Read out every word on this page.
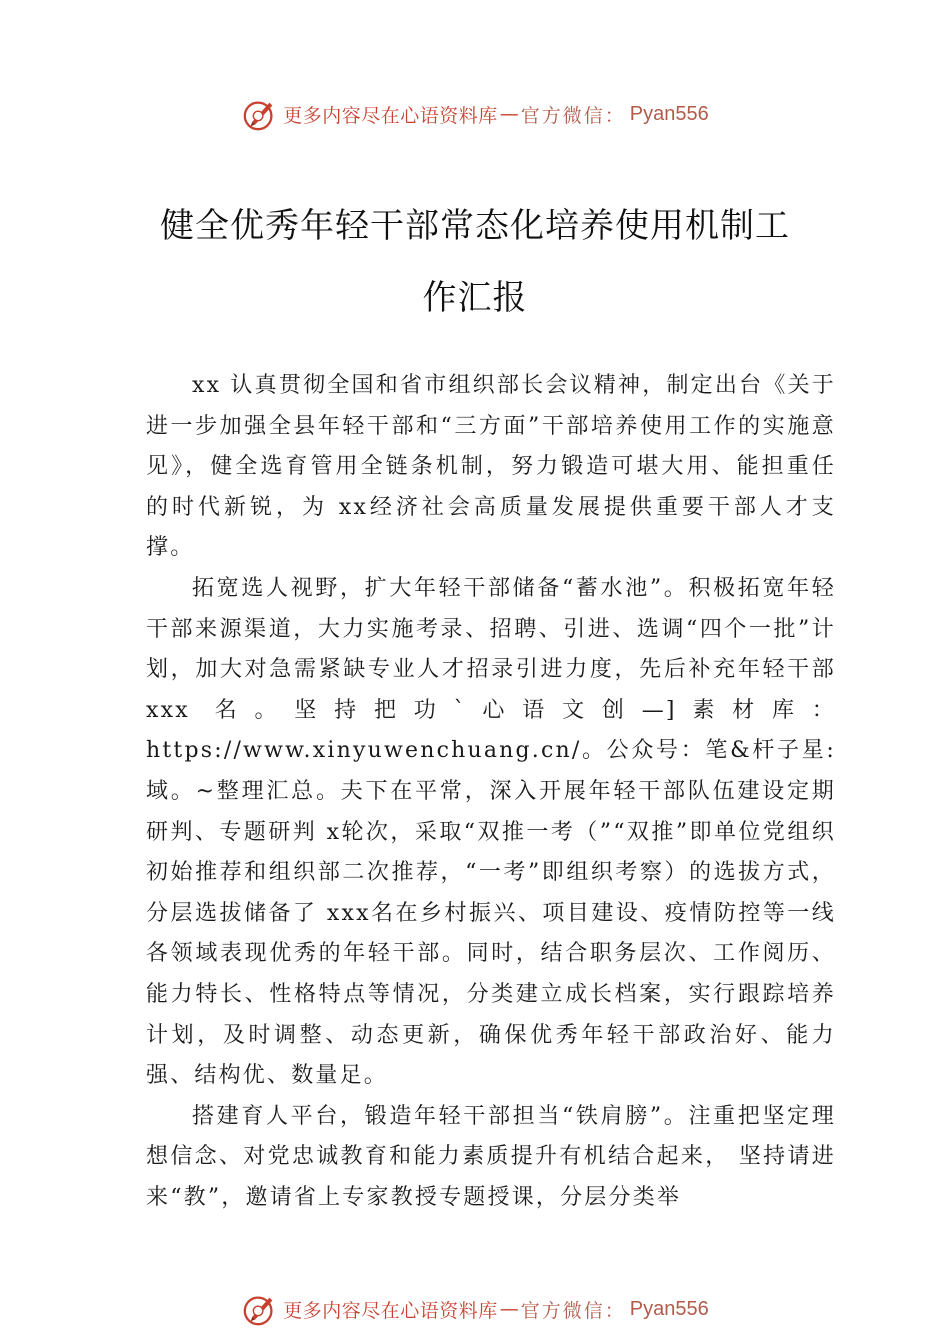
更多内容尽在心语资料库 — 官方微信： Pyan556
健全优秀年轻干部常态化培养使用机制工作汇报

xx 认真贯彻全国和省市组织部长会议精神，制定出台《关于进一步加强全县年轻干部和“三方面”干部培养使用工作的实施意见》，健全选育管用全链条机制，努力锻造可堪大用、能担重任的时代新锐，为 xx经济社会高质量发展提供重要干部人才支撑。

拓宽选人视野，扩大年轻干部储备“蓄水池”。积极拓宽年轻干部来源渠道，大力实施考录、招聘、引进、选调“四个一批”计划，加大对急需紧缺专业人才招录引进力度，先后补充年轻干部xxx 名。坚持把功`心语文创—]素材库：https://www.xinyuwenchuang.cn/。公众号：笔&杆子星:域。~整理汇总。夫下在平常，深入开展年轻干部队伍建设定期研判、专题研判 x轮次，采取“双推一考（”“双推”即单位党组织初始推荐和组织部二次推荐，“一考”即组织考察）的选拔方式，分层选拔储备了 xxx名在乡村振兴、项目建设、疫情防控等一线各领域表现优秀的年轻干部。同时，结合职务层次、工作阅历、能力特长、性格特点等情况，分类建立成长档案，实行跟踪培养计划，及时调整、动态更新，确保优秀年轻干部政治好、能力强、结构优、数量足。

搭建育人平台，锻造年轻干部担当“铁肩膀”。注重把坚定理想信念、对党忠诚教育和能力素质提升有机结合起来， 坚持请进来“教”，邀请省上专家教授专题授课，分层分类举

更多内容尽在心语资料库 — 官方微信： Pyan556
